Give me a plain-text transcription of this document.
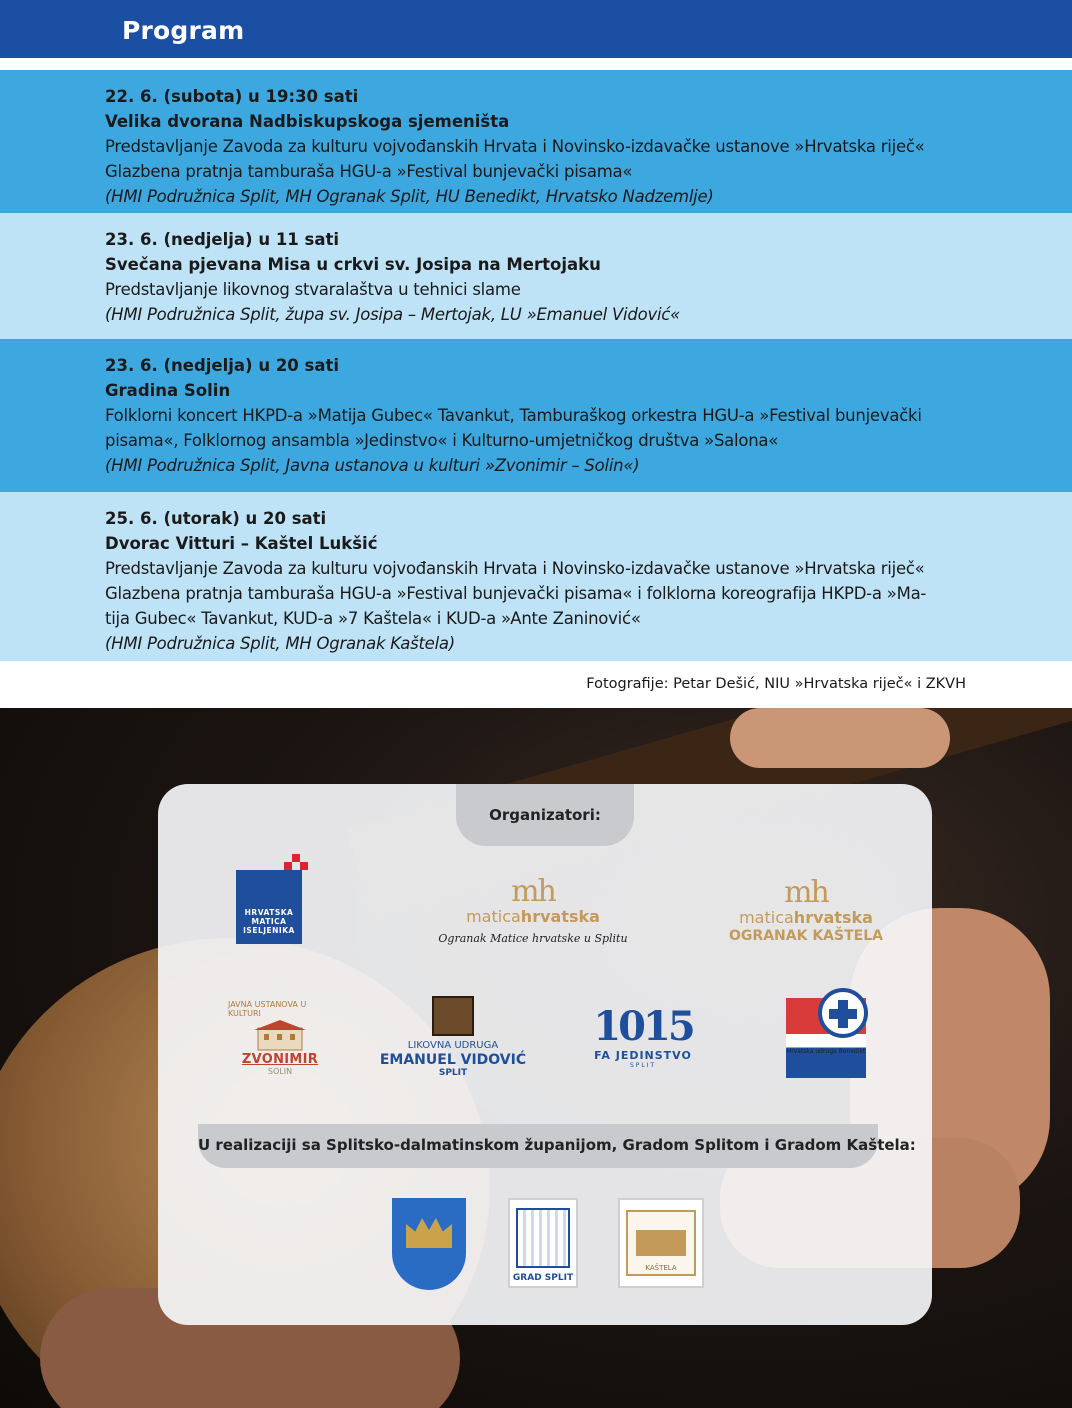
Program
22. 6. (subota) u 19:30 sati
Velika dvorana Nadbiskupskoga sjemeništa
Predstavljanje Zavoda za kulturu vojvođanskih Hrvata i Novinsko-izdavačke ustanove »Hrvatska riječ«
Glazbena pratnja tamburaša HGU-a »Festival bunjevački pisama«
(HMI Podružnica Split, MH Ogranak Split, HU Benedikt, Hrvatsko Nadzemlje)
23. 6. (nedjelja) u 11 sati
Svečana pjevana Misa u crkvi sv. Josipa na Mertojaku
Predstavljanje likovnog stvaralaštva u tehnici slame
(HMI Podružnica Split, župa sv. Josipa – Mertojak, LU »Emanuel Vidović«
23. 6. (nedjelja) u 20 sati
Gradina Solin
Folklorni koncert HKPD-a »Matija Gubec« Tavankut, Tamburaškog orkestra HGU-a »Festival bunjevački
pisama«, Folklornog ansambla »Jedinstvo« i Kulturno-umjetničkog društva »Salona«
(HMI Podružnica Split, Javna ustanova u kulturi »Zvonimir – Solin«)
25. 6. (utorak) u 20 sati
Dvorac Vitturi – Kaštel Lukšić
Predstavljanje Zavoda za kulturu vojvođanskih Hrvata i Novinsko-izdavačke ustanove »Hrvatska riječ«
Glazbena pratnja tamburaša HGU-a »Festival bunjevački pisama« i folklorna koreografija HKPD-a »Ma-
tija Gubec« Tavankut, KUD-a »7 Kaštela« i KUD-a »Ante Zaninović«
(HMI Podružnica Split, MH Ogranak Kaštela)
Fotografije: Petar Dešić, NIU »Hrvatska riječ« i ZKVH
Organizatori:
HRVATSKA MATICA ISELJENIKA
mh
maticahrvatska
Ogranak Matice hrvatske u Splitu
mh
maticahrvatska
OGRANAK KAŠTELA
JAVNA USTANOVA U KULTURI
ZVONIMIR
SOLIN
LIKOVNA UDRUGA
EMANUEL VIDOVIĆ
SPLIT
1015
FA JEDINSTVO
SPLIT
Hrvatska udruga Benedikt
U realizaciji sa Splitsko-dalmatinskom županijom, Gradom Splitom i Gradom Kaštela:
GRAD SPLIT
KAŠTELA
